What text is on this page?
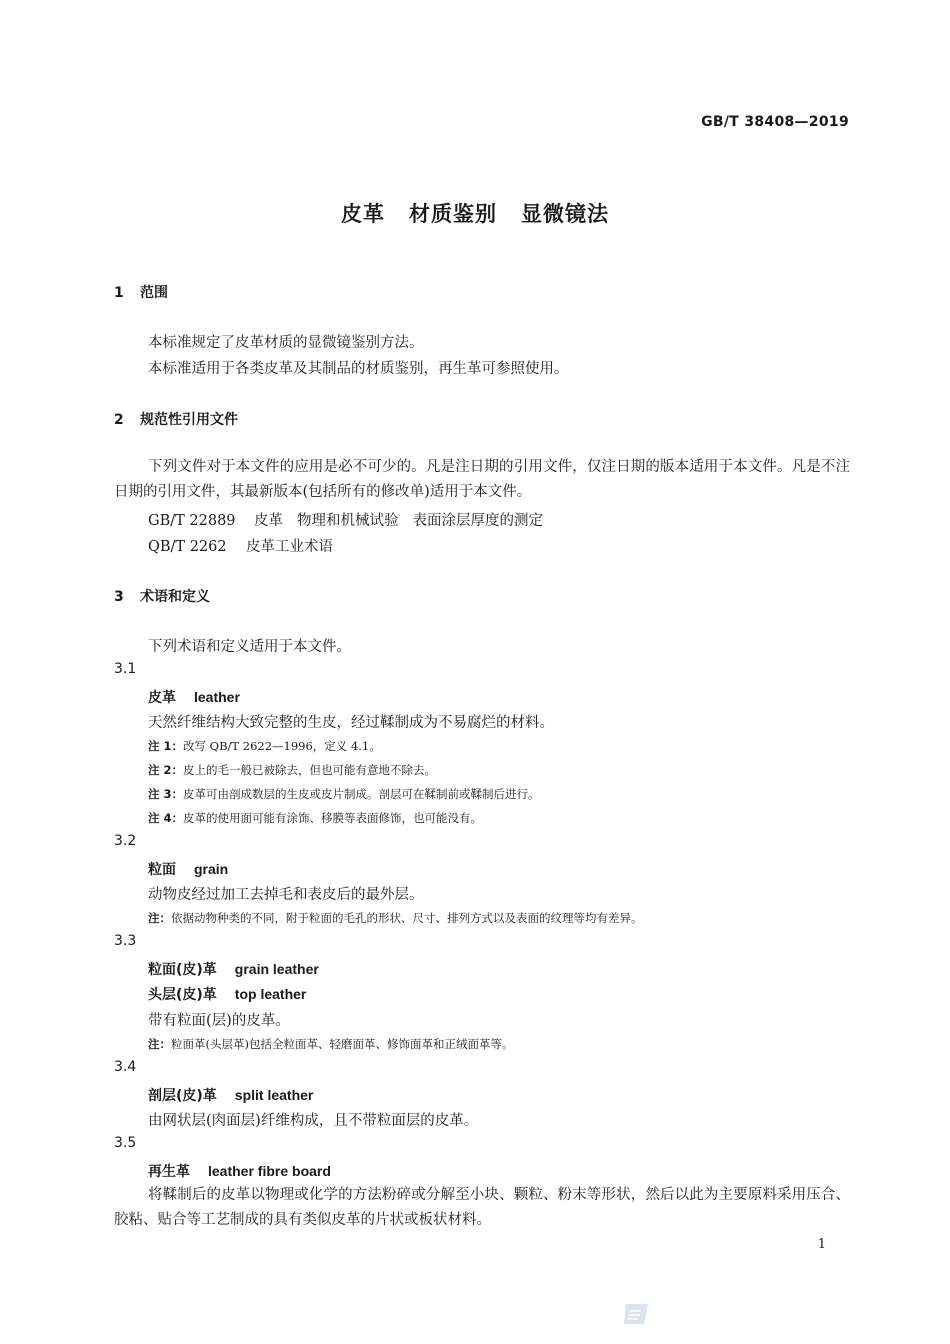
GB/T 38408—2019
皮革 材质鉴别 显微镜法
1 范围
本标准规定了皮革材质的显微镜鉴别方法。
本标准适用于各类皮革及其制品的材质鉴别，再生革可参照使用。
2 规范性引用文件
下列文件对于本文件的应用是必不可少的。凡是注日期的引用文件，仅注日期的版本适用于本文件。凡是不注日期的引用文件，其最新版本(包括所有的修改单)适用于本文件。
GB/T 22889 皮革 物理和机械试验 表面涂层厚度的测定
QB/T 2262 皮革工业术语
3 术语和定义
下列术语和定义适用于本文件。
3.1
皮革 leather
天然纤维结构大致完整的生皮，经过鞣制成为不易腐烂的材料。
注 1：改写 QB/T 2622—1996，定义 4.1。
注 2：皮上的毛一般已被除去，但也可能有意地不除去。
注 3：皮革可由剖成数层的生皮或皮片制成。剖层可在鞣制前或鞣制后进行。
注 4：皮革的使用面可能有涂饰、移膜等表面修饰，也可能没有。
3.2
粒面 grain
动物皮经过加工去掉毛和表皮后的最外层。
注：依据动物种类的不同，附于粒面的毛孔的形状、尺寸、排列方式以及表面的纹理等均有差异。
3.3
粒面(皮)革 grain leather
头层(皮)革 top leather
带有粒面(层)的皮革。
注：粒面革(头层革)包括全粒面革、轻磨面革、修饰面革和正绒面革等。
3.4
剖层(皮)革 split leather
由网状层(肉面层)纤维构成，且不带粒面层的皮革。
3.5
再生革 leather fibre board
将鞣制后的皮革以物理或化学的方法粉碎或分解至小块、颗粒、粉末等形状，然后以此为主要原料采用压合、胶粘、贴合等工艺制成的具有类似皮革的片状或板状材料。
1
